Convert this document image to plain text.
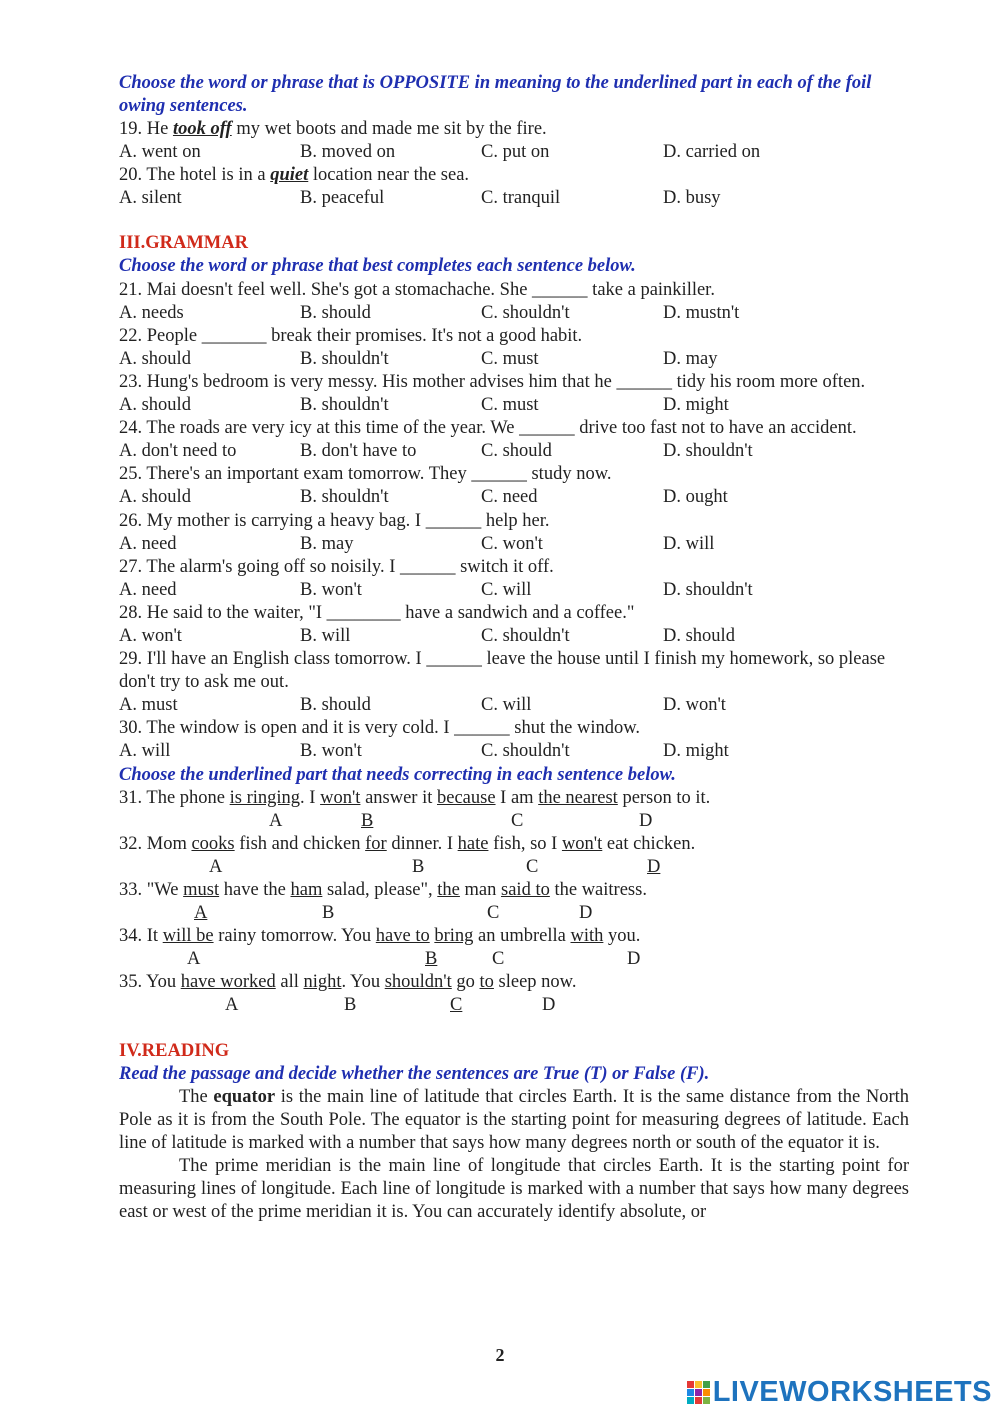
Choose the word or phrase that is OPPOSITE in meaning to the underlined part in each of the foil owing sentences.
19. He took off my wet boots and made me sit by the fire.
A. went on	B. moved on	C. put on	D. carried on
20. The hotel is in a quiet location near the sea.
A. silent	B. peaceful	C. tranquil	D. busy
III.GRAMMAR
Choose the word or phrase that best completes each sentence below.
21. Mai doesn't feel well. She's got a stomachache. She ______ take a painkiller.
A. needs	B. should	C. shouldn't	D. mustn't
22. People _______ break their promises. It's not a good habit.
A. should	B. shouldn't	C. must	D. may
23. Hung's bedroom is very messy. His mother advises him that he ______ tidy his room more often.
A. should	B. shouldn't	C. must	D. might
24. The roads are very icy at this time of the year. We ______ drive too fast not to have an accident.
A. don't need to	B. don't have to	C. should	D. shouldn't
25. There's an important exam tomorrow. They ______ study now.
A. should	B. shouldn't	C. need	D. ought
26. My mother is carrying a heavy bag. I ______ help her.
A. need	B. may	C. won't	D. will
27. The alarm's going off so noisily. I ______ switch it off.
A. need	B. won't	C. will	D. shouldn't
28. He said to the waiter, "I ________ have a sandwich and a coffee."
A. won't	B. will	C. shouldn't	D. should
29. I'll have an English class tomorrow. I ______ leave the house until I finish my homework, so please don't try to ask me out.
A. must	B. should	C. will	D. won't
30. The window is open and it is very cold. I ______ shut the window.
A. will	B. won't	C. shouldn't	D. might
Choose the underlined part that needs correcting in each sentence below.
31. The phone is ringing. I won't answer it because I am the nearest person to it.
A	B	C	D
32. Mom cooks fish and chicken for dinner. I hate fish, so I won't eat chicken.
A	B	C	D
33. "We must have the ham salad, please", the man said to the waitress.
A	B	C	D
34. It will be rainy tomorrow. You have to bring an umbrella with you.
A	B	C	D
35. You have worked all night. You shouldn't go to sleep now.
A	B	C	D
IV.READING
Read the passage and decide whether the sentences are True (T) or False (F).
The equator is the main line of latitude that circles Earth. It is the same distance from the North Pole as it is from the South Pole. The equator is the starting point for measuring degrees of latitude. Each line of latitude is marked with a number that says how many degrees north or south of the equator it is.
The prime meridian is the main line of longitude that circles Earth. It is the starting point for measuring lines of longitude. Each line of longitude is marked with a number that says how many degrees east or west of the prime meridian it is. You can accurately identify absolute, or
2
LIVEWORKSHEETS
